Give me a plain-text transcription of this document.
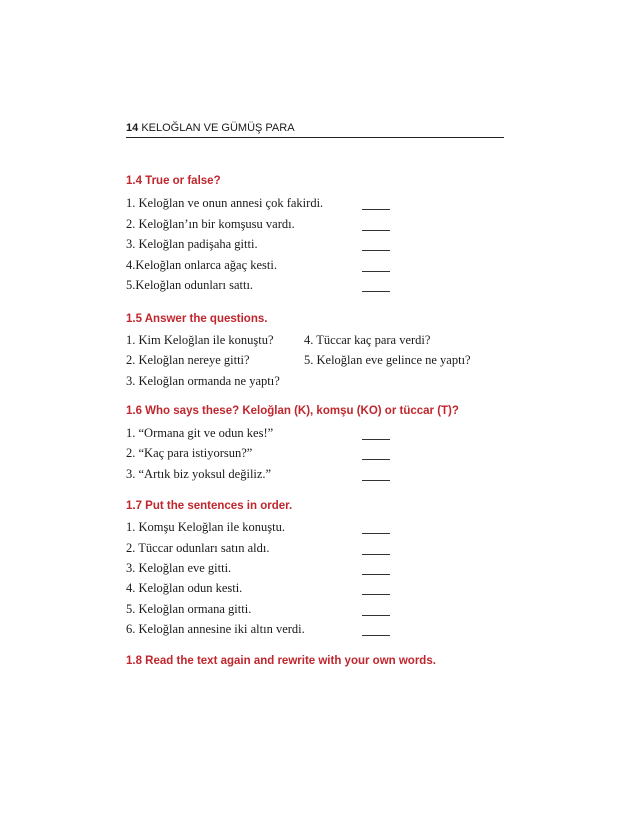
14 KELOĞLAN VE GÜMÜŞ PARA
1.4 True or false?
1. Keloğlan ve onun annesi çok fakirdi.
2. Keloğlan’ın bir komşusu vardı.
3. Keloğlan padişaha gitti.
4.Keloğlan onlarca ağaç kesti.
5.Keloğlan odunları sattı.
1.5 Answer the questions.
1. Kim Keloğlan ile konuştu? 4. Tüccar kaç para verdi?
2. Keloğlan nereye gitti?	5. Keloğlan eve gelince ne yaptı?
3. Keloğlan ormanda ne yaptı?
1.6 Who says these? Keloğlan (K), komşu (KO) or tüccar (T)?
1. “Ormana git ve odun kes!”
2. “Kaç para istiyorsun?”
3. “Artık biz yoksul değiliz.”
1.7 Put the sentences in order.
1. Komşu Keloğlan ile konuştu.
2. Tüccar odunları satın aldı.
3. Keloğlan eve gitti.
4. Keloğlan odun kesti.
5. Keloğlan ormana gitti.
6. Keloğlan annesine iki altın verdi.
1.8 Read the text again and rewrite with your own words.
